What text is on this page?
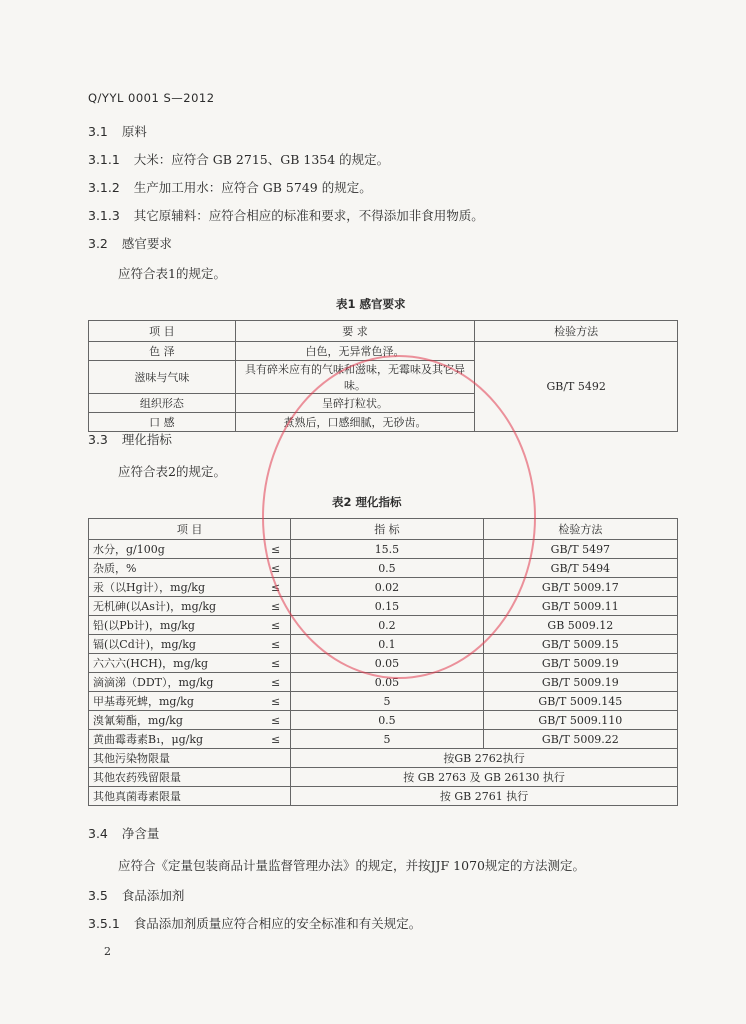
Q/YYL 0001 S—2012
3.1 原料
3.1.1 大米：应符合 GB 2715、GB 1354 的规定。
3.1.2 生产加工用水：应符合 GB 5749 的规定。
3.1.3 其它原辅料：应符合相应的标准和要求，不得添加非食用物质。
3.2 感官要求
应符合表1的规定。
表1 感官要求
项 目	要 求	检验方法
色 泽	白色，无异常色泽。	GB/T 5492
滋味与气味	具有碎米应有的气味和滋味，无霉味及其它异味。	
组织形态	呈碎打粒状。	
口 感	煮熟后，口感细腻，无砂齿。	
3.3 理化指标
应符合表2的规定。
表2 理化指标
项 目		指 标	检验方法
水分，g/100g	≤	15.5	GB/T 5497
杂质，%	≤	0.5	GB/T 5494
汞（以Hg计），mg/kg	≤	0.02	GB/T 5009.17
无机砷(以As计)，mg/kg	≤	0.15	GB/T 5009.11
铅(以Pb计)，mg/kg	≤	0.2	GB 5009.12
镉(以Cd计)，mg/kg	≤	0.1	GB/T 5009.15
六六六(HCH)，mg/kg	≤	0.05	GB/T 5009.19
滴滴涕（DDT），mg/kg	≤	0.05	GB/T 5009.19
甲基毒死蜱，mg/kg	≤	5	GB/T 5009.145
溴氰菊酯，mg/kg	≤	0.5	GB/T 5009.110
黄曲霉毒素B₁，μg/kg	≤	5	GB/T 5009.22
其他污染物限量		按GB 2762执行	
其他农药残留限量		按 GB 2763 及 GB 26130 执行	
其他真菌毒素限量		按 GB 2761 执行	
3.4 净含量
应符合《定量包装商品计量监督管理办法》的规定，并按JJF 1070规定的方法测定。
3.5 食品添加剂
3.5.1 食品添加剂质量应符合相应的安全标准和有关规定。
2
